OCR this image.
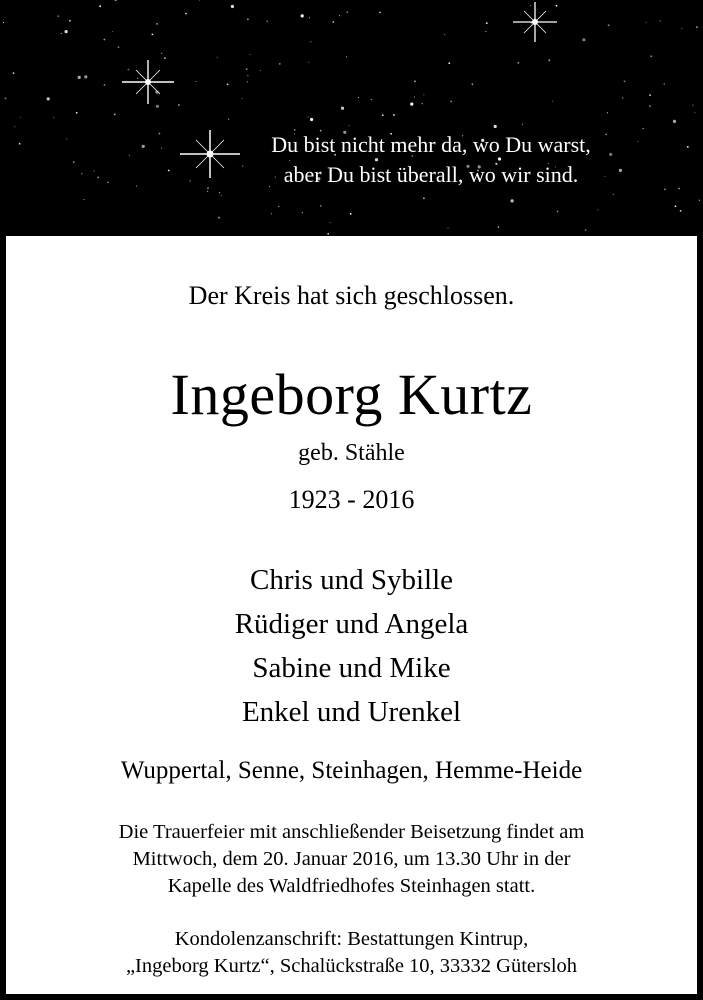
Du bist nicht mehr da, wo Du warst,
aber Du bist überall, wo wir sind.
Der Kreis hat sich geschlossen.
Ingeborg Kurtz
geb. Stähle
1923 - 2016
Chris und Sybille
Rüdiger und Angela
Sabine und Mike
Enkel und Urenkel
Wuppertal, Senne, Steinhagen, Hemme-Heide
Die Trauerfeier mit anschließender Beisetzung findet am
Mittwoch, dem 20. Januar 2016, um 13.30 Uhr in der
Kapelle des Waldfriedhofes Steinhagen statt.
Kondolenzanschrift: Bestattungen Kintrup,
„Ingeborg Kurtz“, Schalückstraße 10, 33332 Gütersloh
